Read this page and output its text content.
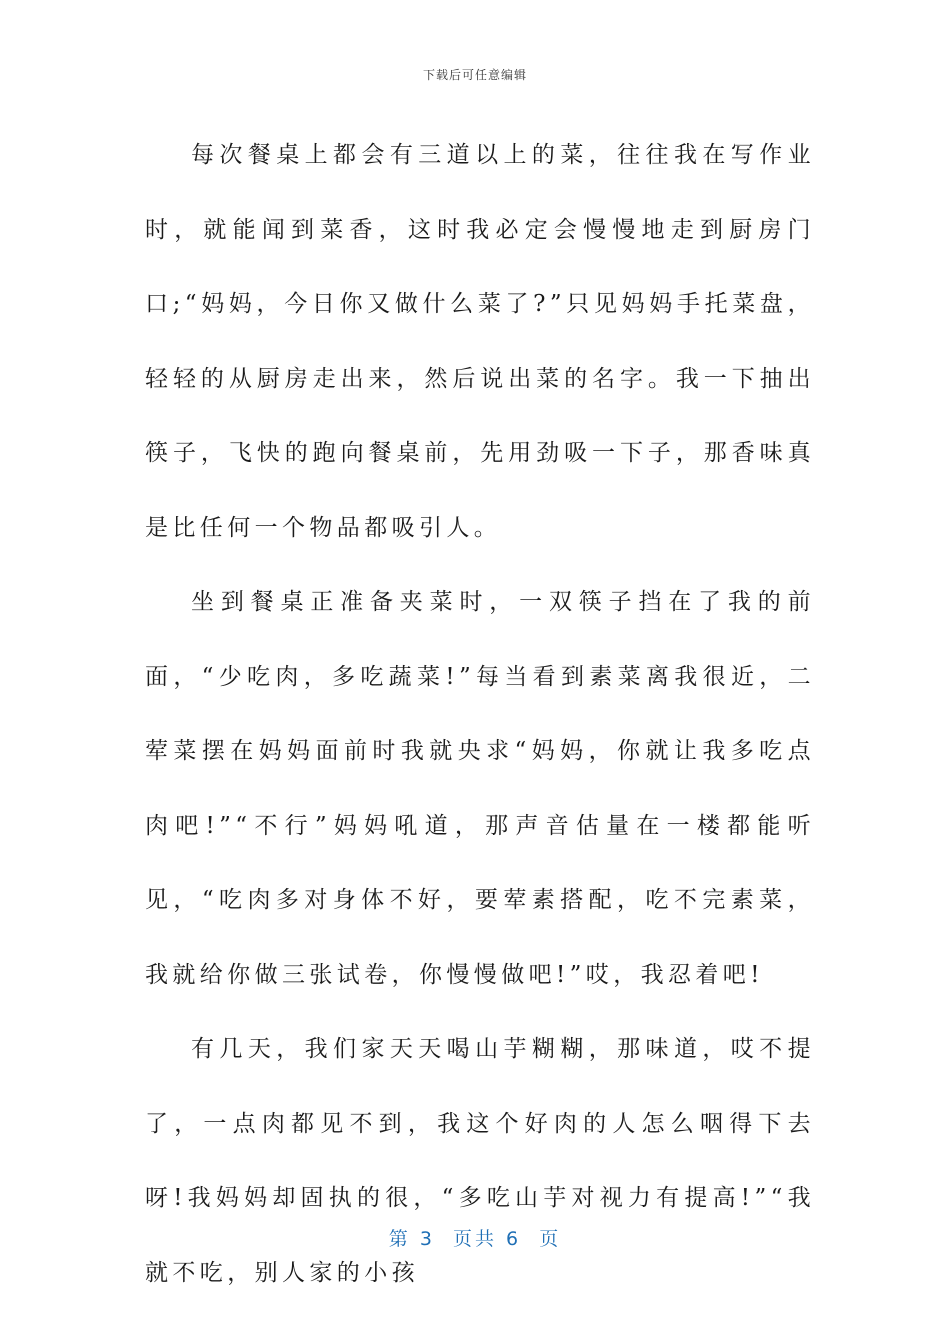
下载后可任意编辑

每次餐桌上都会有三道以上的菜，往往我在写作业时，就能闻到菜香，这时我必定会慢慢地走到厨房门口;“妈妈，今日你又做什么菜了?”只见妈妈手托菜盘，轻轻的从厨房走出来，然后说出菜的名字。我一下抽出筷子，飞快的跑向餐桌前，先用劲吸一下子，那香味真是比任何一个物品都吸引人。

坐到餐桌正准备夹菜时，一双筷子挡在了我的前面，“少吃肉，多吃蔬菜!”每当看到素菜离我很近，二荤菜摆在妈妈面前时我就央求“妈妈，你就让我多吃点肉吧!”“不行”妈妈吼道，那声音估量在一楼都能听见，“吃肉多对身体不好，要荤素搭配，吃不完素菜，我就给你做三张试卷，你慢慢做吧!”哎，我忍着吧!

有几天，我们家天天喝山芋糊糊，那味道，哎不提了，一点肉都见不到，我这个好肉的人怎么咽得下去呀!我妈妈却固执的很，“多吃山芋对视力有提高!”“我就不吃，别人家的小孩

第 3  页共 6  页
